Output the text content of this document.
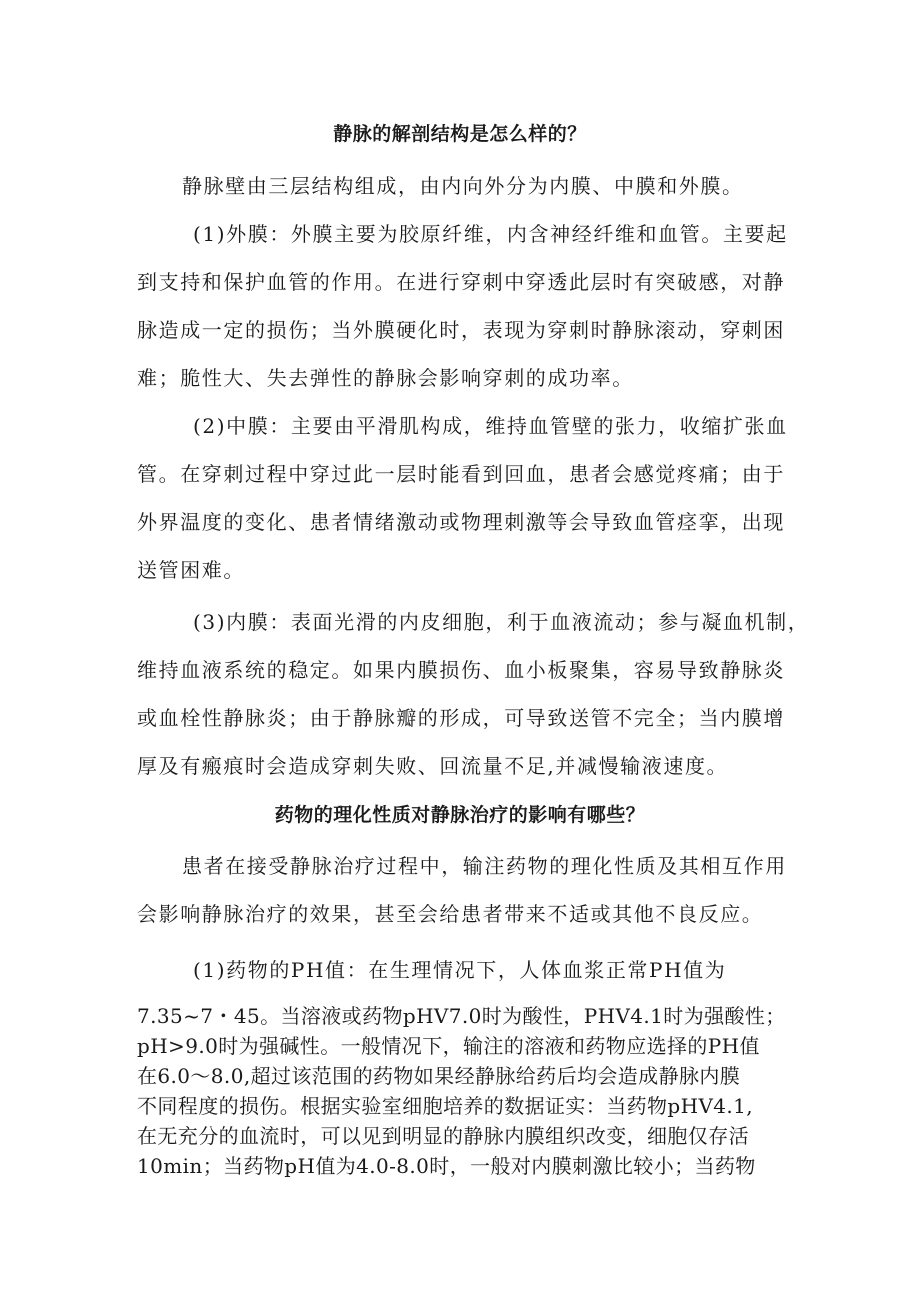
静脉的解剖结构是怎么样的？
静脉壁由三层结构组成，由内向外分为内膜、中膜和外膜。
(1)外膜：外膜主要为胶原纤维，内含神经纤维和血管。主要起
到支持和保护血管的作用。在进行穿刺中穿透此层时有突破感，对静
脉造成一定的损伤；当外膜硬化时，表现为穿刺时静脉滚动，穿刺困
难；脆性大、失去弹性的静脉会影响穿刺的成功率。
(2)中膜：主要由平滑肌构成，维持血管壁的张力，收缩扩张血
管。在穿刺过程中穿过此一层时能看到回血，患者会感觉疼痛；由于
外界温度的变化、患者情绪激动或物理刺激等会导致血管痉挛，出现
送管困难。
(3)内膜：表面光滑的内皮细胞，利于血液流动；参与凝血机制，
维持血液系统的稳定。如果内膜损伤、血小板聚集，容易导致静脉炎
或血栓性静脉炎；由于静脉瓣的形成，可导致送管不完全；当内膜增
厚及有瘢痕时会造成穿刺失败、回流量不足,并减慢输液速度。
药物的理化性质对静脉治疗的影响有哪些？
患者在接受静脉治疗过程中，输注药物的理化性质及其相互作用
会影响静脉治疗的效果，甚至会给患者带来不适或其他不良反应。
(1)药物的PH值：在生理情况下，人体血浆正常PH值为
7.35~7・45。当溶液或药物pHV7.0时为酸性，PHV4.1时为强酸性；
pH>9.0时为强碱性。一般情况下，输注的溶液和药物应选择的PH值
在6.0～8.0,超过该范围的药物如果经静脉给药后均会造成静脉内膜
不同程度的损伤。根据实验室细胞培养的数据证实：当药物pHV4.1,
在无充分的血流时，可以见到明显的静脉内膜组织改变，细胞仅存活
10min；当药物pH值为4.0-8.0时，一般对内膜刺激比较小；当药物
